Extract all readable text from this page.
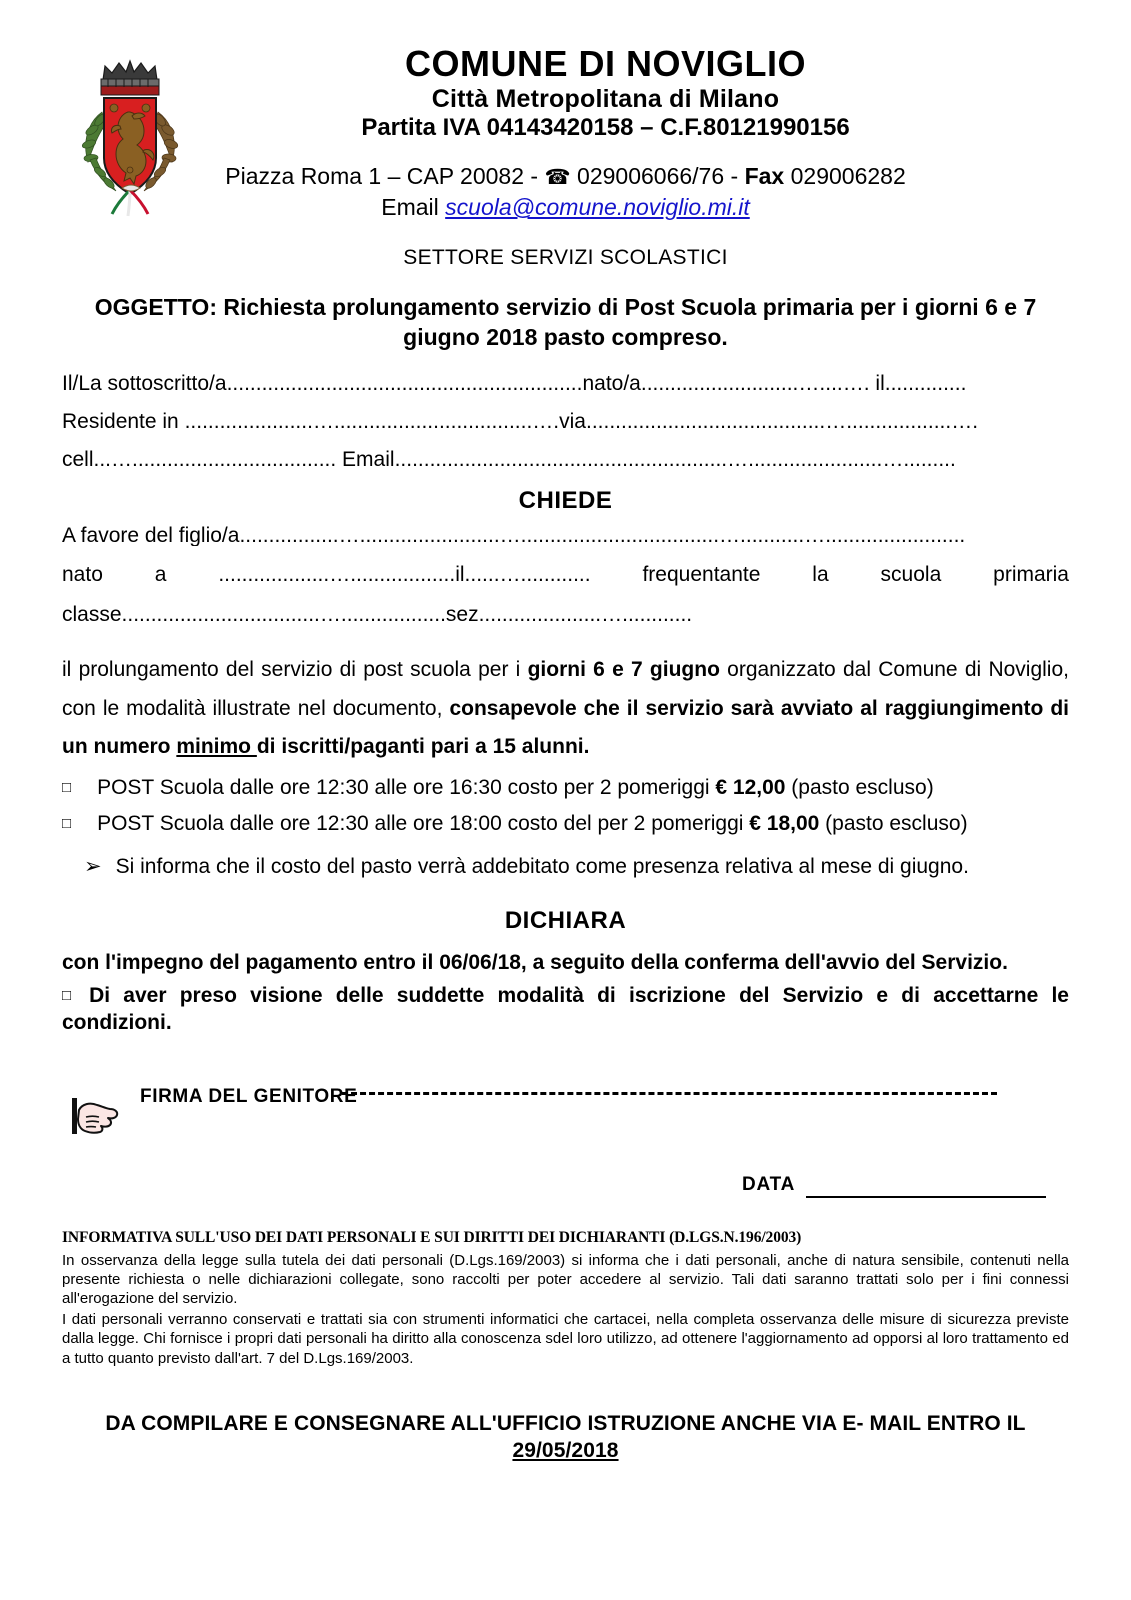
COMUNE DI NOVIGLIO
Città Metropolitana di Milano
Partita IVA 04143420158 – C.F.80121990156
Piazza Roma 1 – CAP 20082 - ☎ 029006066/76 - Fax 029006282
Email scuola@comune.noviglio.mi.it
SETTORE SERVIZI SCOLASTICI
OGGETTO: Richiesta prolungamento servizio di Post Scuola primaria per i giorni 6 e 7 giugno 2018 pasto compreso.
Il/La sottoscritto/a.............................................................nato/a...........................…....…. il..............
Residente in ......................…..................................….via.........................................…..................….
cell...…................................... Email.........................................................….......................….........
CHIEDE
A favore del figlio/a.................…........................…..................................…...........…........................
nato a ...................…..................il......…............ frequentante la scuola primaria
classe..................................…..................sez.....................…............
il prolungamento del servizio di post scuola per i giorni 6 e 7 giugno organizzato dal Comune di Noviglio, con le modalità illustrate nel documento, consapevole che il servizio sarà avviato al raggiungimento di un numero minimo di iscritti/paganti pari a 15 alunni.
□ POST Scuola dalle ore 12:30 alle ore 16:30 costo per 2 pomeriggi € 12,00 (pasto escluso)
□ POST Scuola dalle ore 12:30 alle ore 18:00 costo del per 2 pomeriggi € 18,00 (pasto escluso)
➢ Si informa che il costo del pasto verrà addebitato come presenza relativa al mese di giugno.
DICHIARA
con l'impegno del pagamento entro il 06/06/18, a seguito della conferma dell'avvio del Servizio.
□ Di aver preso visione delle suddette modalità di iscrizione del Servizio e di accettarne le condizioni.
FIRMA DEL GENITORE
DATA
INFORMATIVA SULL'USO DEI DATI PERSONALI E SUI DIRITTI DEI DICHIARANTI (D.LGS.N.196/2003)
In osservanza della legge sulla tutela dei dati personali (D.Lgs.169/2003) si informa che i dati personali, anche di natura sensibile, contenuti nella presente richiesta o nelle dichiarazioni collegate, sono raccolti per poter accedere al servizio. Tali dati saranno trattati solo per i fini connessi all'erogazione del servizio.
I dati personali verranno conservati e trattati sia con strumenti informatici che cartacei, nella completa osservanza delle misure di sicurezza previste dalla legge. Chi fornisce i propri dati personali ha diritto alla conoscenza sdel loro utilizzo, ad ottenere l'aggiornamento ad opporsi al loro trattamento ed a tutto quanto previsto dall'art. 7 del D.Lgs.169/2003.
DA COMPILARE E CONSEGNARE ALL'UFFICIO ISTRUZIONE ANCHE VIA E- MAIL ENTRO IL
29/05/2018
